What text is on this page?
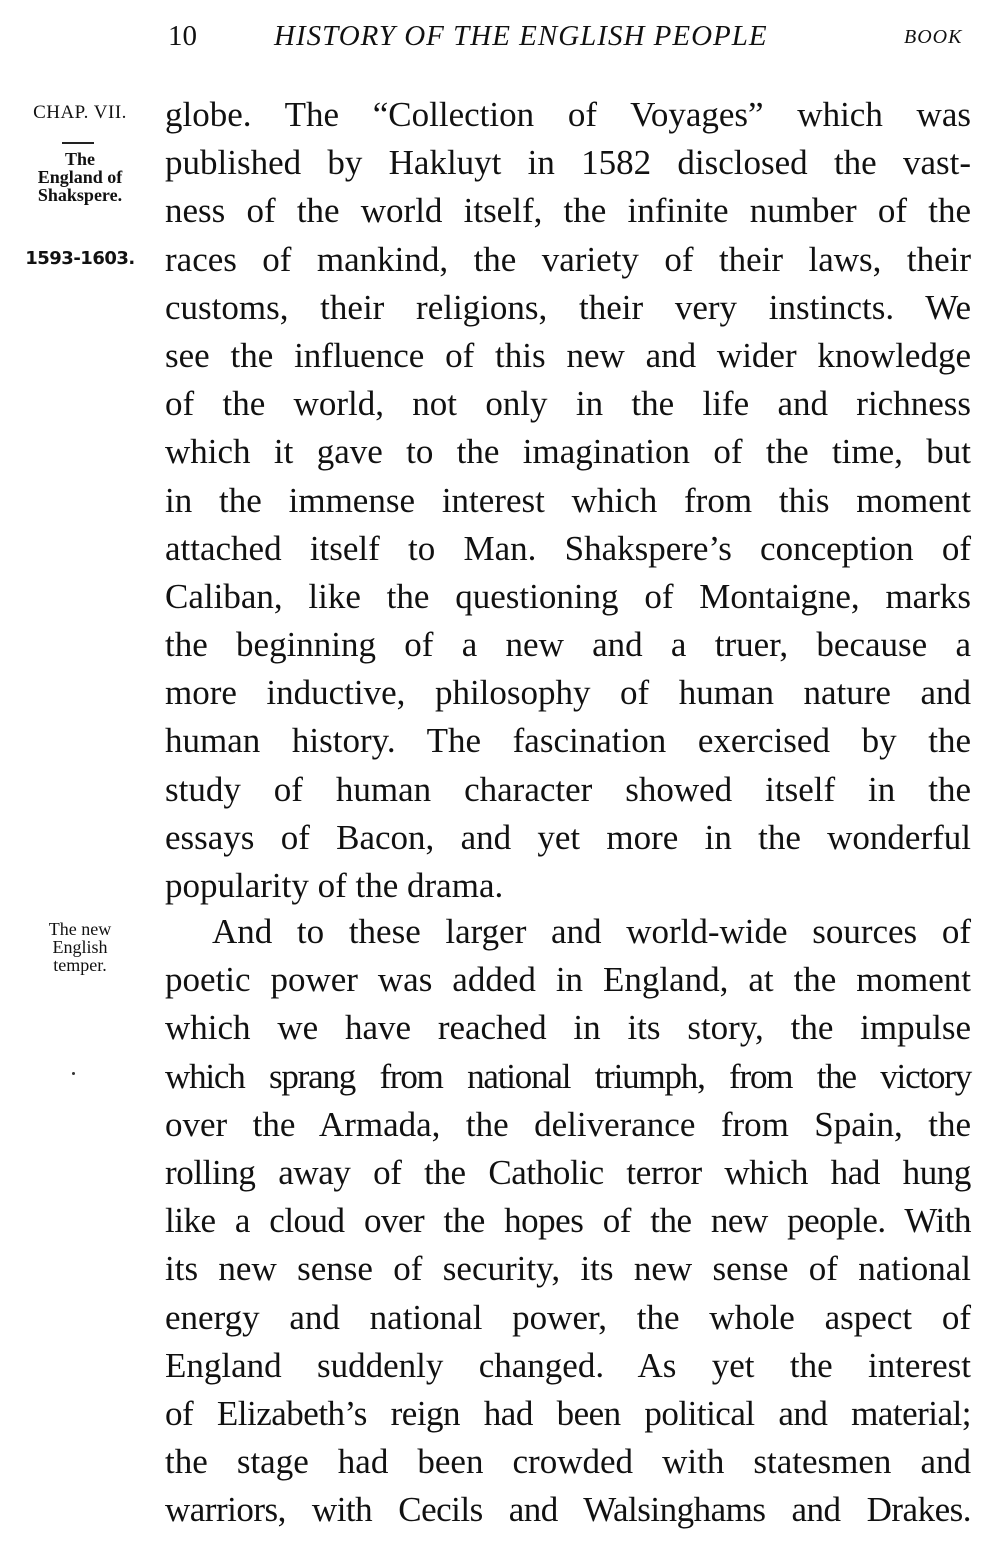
10	HISTORY OF THE ENGLISH PEOPLE	BOOK
CHAP. VII.
The
England of
Shakspere.
1593-1603.
The new
English
temper.
globe. The “Collection of Voyages” which was
published by Hakluyt in 1582 disclosed the vast-
ness of the world itself, the infinite number of the
races of mankind, the variety of their laws, their
customs, their religions, their very instincts. We
see the influence of this new and wider knowledge
of the world, not only in the life and richness
which it gave to the imagination of the time, but
in the immense interest which from this moment
attached itself to Man. Shakspere’s conception of
Caliban, like the questioning of Montaigne, marks
the beginning of a new and a truer, because a
more inductive, philosophy of human nature and
human history. The fascination exercised by the
study of human character showed itself in the
essays of Bacon, and yet more in the wonderful
popularity of the drama.
And to these larger and world-wide sources of
poetic power was added in England, at the moment
which we have reached in its story, the impulse
which sprang from national triumph, from the victory
over the Armada, the deliverance from Spain, the
rolling away of the Catholic terror which had hung
like a cloud over the hopes of the new people. With
its new sense of security, its new sense of national
energy and national power, the whole aspect of
England suddenly changed. As yet the interest
of Elizabeth’s reign had been political and material;
the stage had been crowded with statesmen and
warriors, with Cecils and Walsinghams and Drakes.
